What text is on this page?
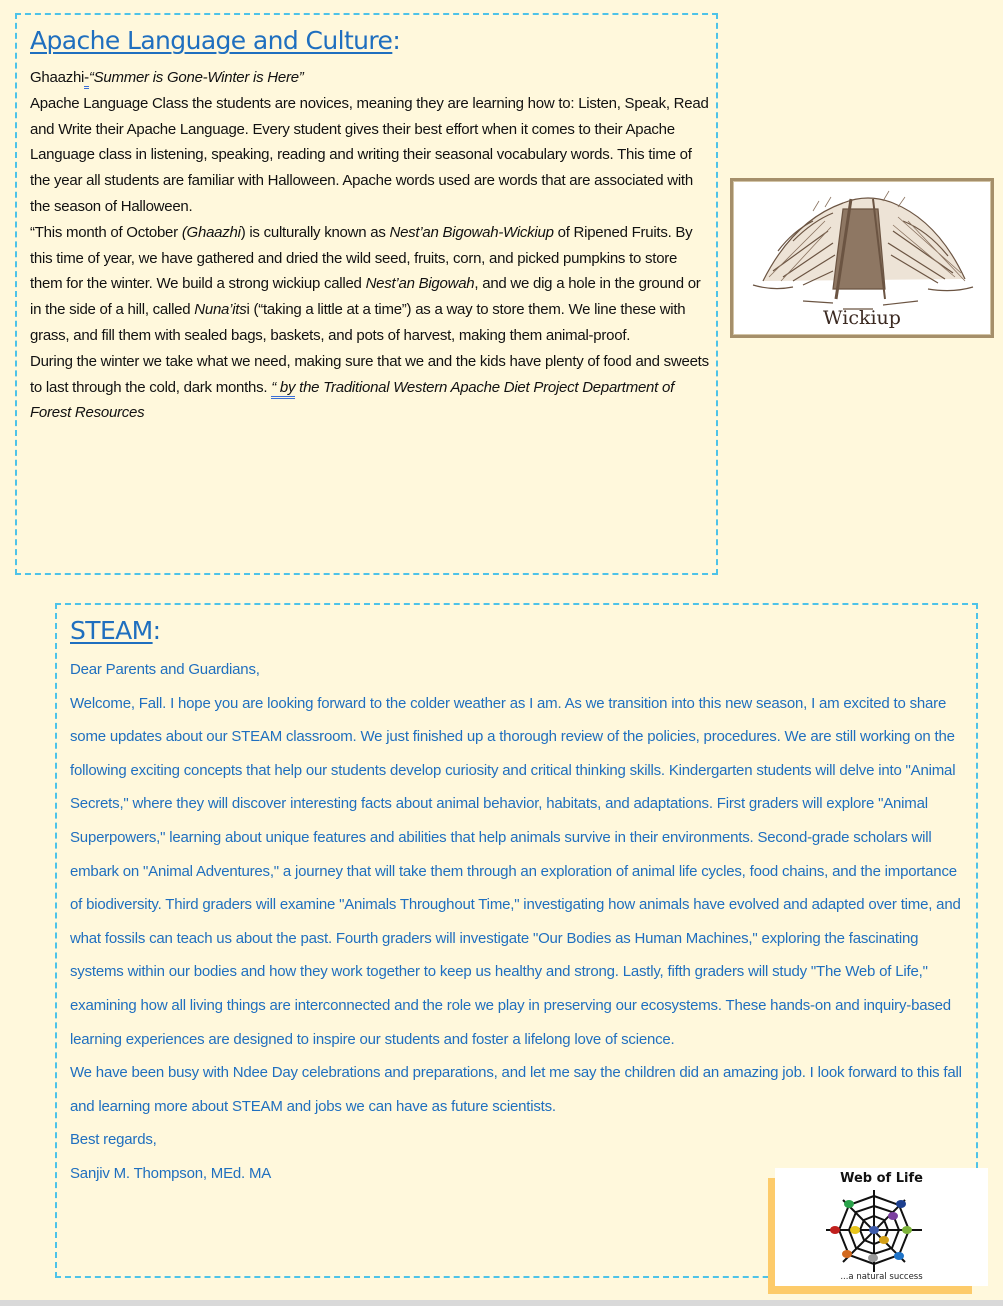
Apache Language and Culture:

Ghaazhi-“Summer is Gone-Winter is Here”

Apache Language Class the students are novices, meaning they are learning how to: Listen, Speak, Read and Write their Apache Language. Every student gives their best effort when it comes to their Apache Language class in listening, speaking, reading and writing their seasonal vocabulary words. This time of the year all students are familiar with Halloween. Apache words used are words that are associated with the season of Halloween.

“This month of October (Ghaazhi) is culturally known as Nest’an Bigowah-Wickiup of Ripened Fruits. By this time of year, we have gathered and dried the wild seed, fruits, corn, and picked pumpkins to store them for the winter. We build a strong wickiup called Nest’an Bigowah, and we dig a hole in the ground or in the side of a hill, called Nuna’itsi (“taking a little at a time”) as a way to store them. We line these with grass, and fill them with sealed bags, baskets, and pots of harvest, making them animal-proof.

During the winter we take what we need, making sure that we and the kids have plenty of food and sweets to last through the cold, dark months. “ by the Traditional Western Apache Diet Project Department of Forest Resources

Wickiup
STEAM:

Dear Parents and Guardians,

Welcome, Fall. I hope you are looking forward to the colder weather as I am. As we transition into this new season, I am excited to share some updates about our STEAM classroom. We just finished up a thorough review of the policies, procedures. We are still working on the following exciting concepts that help our students develop curiosity and critical thinking skills. Kindergarten students will delve into "Animal Secrets," where they will discover interesting facts about animal behavior, habitats, and adaptations. First graders will explore "Animal Superpowers," learning about unique features and abilities that help animals survive in their environments. Second-grade scholars will embark on "Animal Adventures," a journey that will take them through an exploration of animal life cycles, food chains, and the importance of biodiversity. Third graders will examine "Animals Throughout Time," investigating how animals have evolved and adapted over time, and what fossils can teach us about the past. Fourth graders will investigate "Our Bodies as Human Machines," exploring the fascinating systems within our bodies and how they work together to keep us healthy and strong. Lastly, fifth graders will study "The Web of Life," examining how all living things are interconnected and the role we play in preserving our ecosystems. These hands-on and inquiry-based learning experiences are designed to inspire our students and foster a lifelong love of science.

We have been busy with Ndee Day celebrations and preparations, and let me say the children did an amazing job. I look forward to this fall and learning more about STEAM and jobs we can have as future scientists.

Best regards,

Sanjiv M. Thompson, MEd. MA	Web of Life
...a natural success
